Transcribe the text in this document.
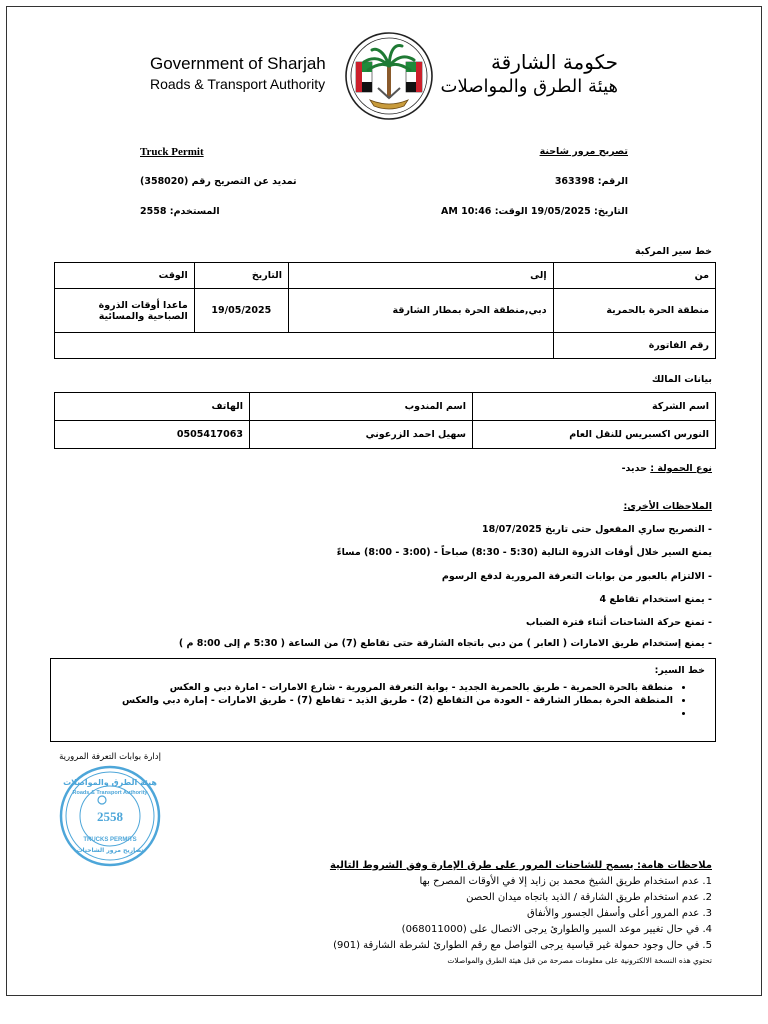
Government of Sharjah
Roads & Transport Authority
حكومة الشارقة
هيئة الطرق والمواصلات
Truck Permit	تصريح مرور شاحنة
تمديد عن التصريح رقم (358020)	الرقم: 363398
المستخدم: 2558	التاريخ: 19/05/2025 الوقت: 10:46 AM
خط سير المركبة
من	إلى	التاريخ	الوقت
منطقة الحرة بالحمرية	دبي,منطقة الحرة بمطار الشارقة	19/05/2025	ماعدا أوقات الذروة الصباحية والمسائية
رقم الفاتورة			
بيانات المالك
اسم الشركة	اسم المندوب	الهاتف
النورس اكسبريس للنقل العام	سهيل احمد الزرعوني	0505417063
نوع الحمولة : حديد-
الملاحظات الأخرى:
- التصريح ساري المفعول حتى تاريخ 18/07/2025
يمنع السير خلال أوقات الذروة التالية (5:30 - 8:30) صباحاً - (3:00 - 8:00) مساءً
- الالتزام بالعبور من بوابات التعرفة المرورية لدفع الرسوم
- يمنع استخدام تقاطع 4
- تمنع حركة الشاحنات أثناء فترة الضباب
- يمنع إستخدام طريق الامارات ( العابر ) من دبي باتجاه الشارقة حتى تقاطع (7) من الساعة ( 5:30 م إلى 8:00 م )
خط السير:
• منطقة بالحرة الحمرية - طريق بالحمرية الجديد - بوابة التعرفة المرورية - شارع الامارات - امارة دبي و العكس
• المنطقة الحرة بمطار الشارقة - العودة من التقاطع (2) - طريق الذيد - تقاطع (7) - طريق الامارات - إمارة دبي والعكس
•
إدارة بوابات التعرفة المرورية
هيئة الطرق والمواصلات
Roads & Transport Authority
2558
TRUCKS PERMITS
تصاريح مرور الشاحنات
ملاحظات هامة: يسمح للشاحنات المرور على طرق الإمارة وفق الشروط التالية
1. عدم استخدام طريق الشيخ محمد بن زايد إلا في الأوقات المصرح بها
2. عدم استخدام طريق الشارقة / الذيد باتجاه ميدان الحصن
3. عدم المرور أعلى وأسفل الجسور والأنفاق
4. في حال تغيير موعد السير والطوارئ يرجى الاتصال على (068011000)
5. في حال وجود حمولة غير قياسية يرجى التواصل مع رقم الطوارئ لشرطة الشارقة (901)
تحتوي هذه النسخة الالكترونية على معلومات مصرحة من قبل هيئة الطرق والمواصلات
